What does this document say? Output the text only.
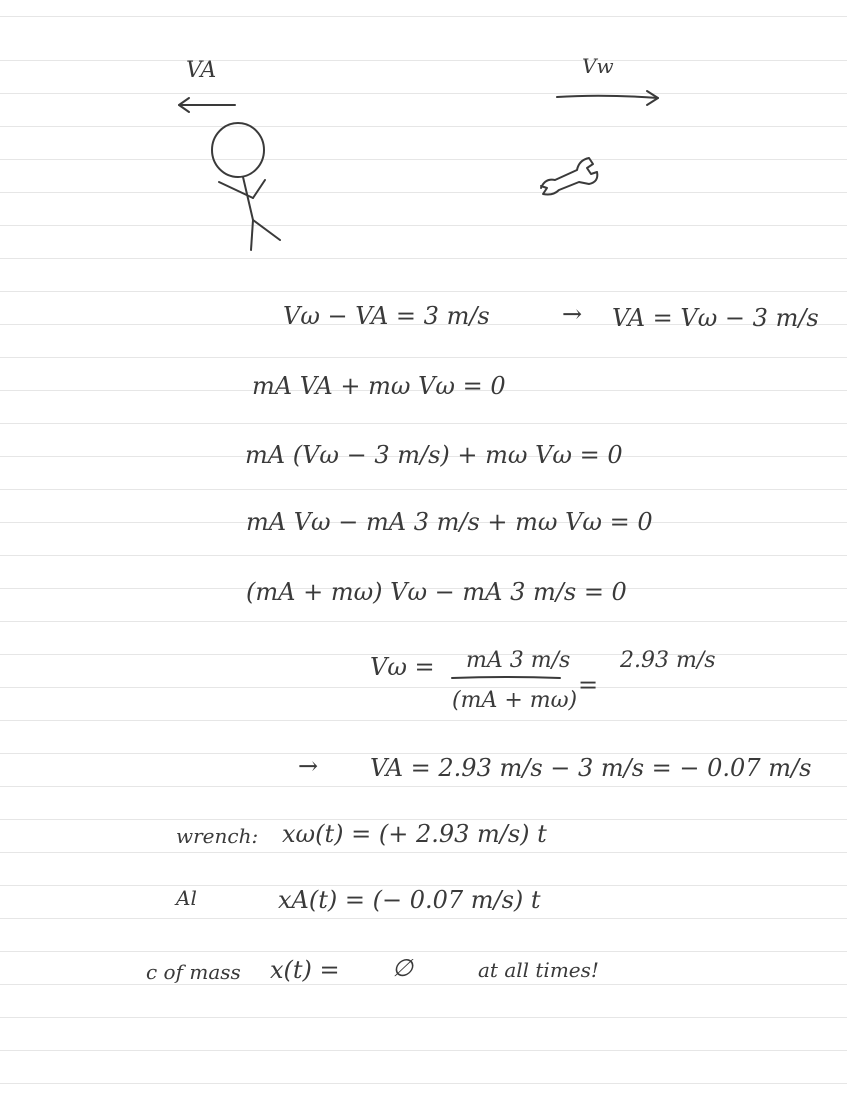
VA	Vw
Vω − VA = 3 m/s	→ VA = Vω − 3 m/s
mA VA + mω Vω = 0
mA (Vω − 3 m/s) + mω Vω = 0
mA Vω − mA 3 m/s + mω Vω = 0
(mA + mω) Vω − mA 3 m/s = 0
Vω = mA 3 m/s
(mA + mω)
=
2.93 m/s
→ VA = 2.93 m/s − 3 m/s = − 0.07 m/s
wrench: xω(t) = (+ 2.93 m/s) t
Al	xA(t) = (− 0.07 m/s) t
c of mass x(t) = ∅	at all times!
